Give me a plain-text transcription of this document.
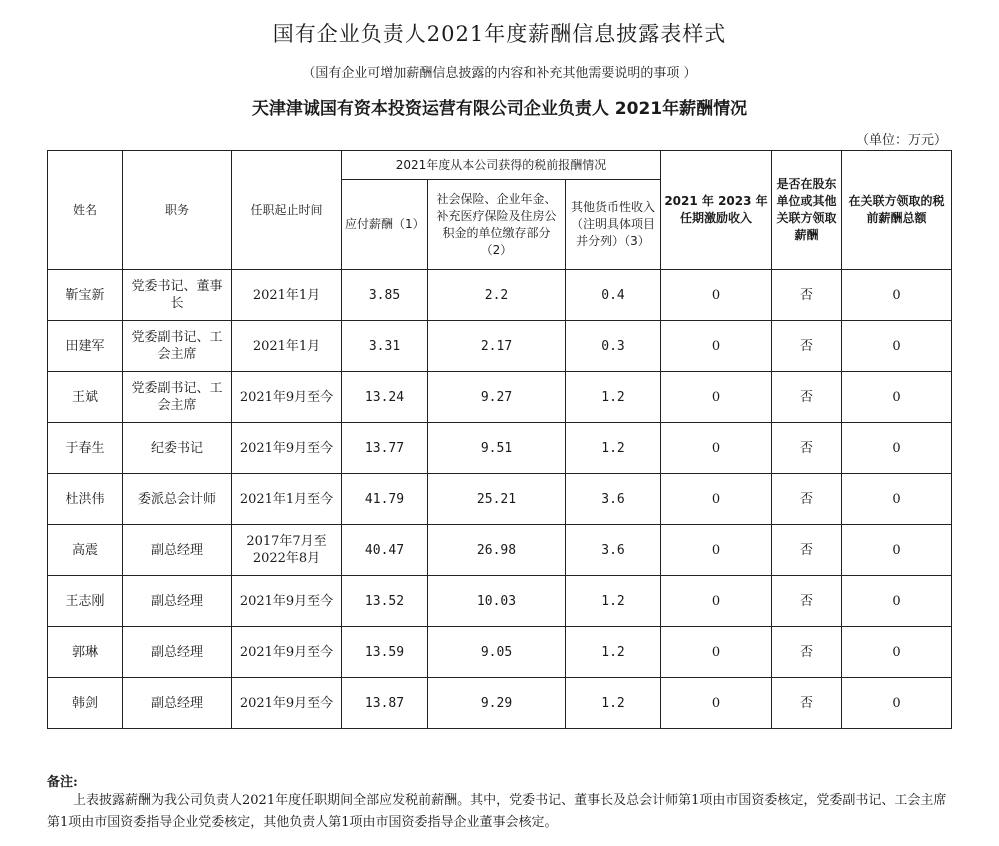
国有企业负责人2021年度薪酬信息披露表样式
（国有企业可增加薪酬信息披露的内容和补充其他需要说明的事项 ）
天津津诚国有资本投资运营有限公司企业负责人 2021年薪酬情况
（单位：万元）
姓名	职务	任职起止时间	2021年度从本公司获得的税前报酬情况			2021 年 2023 年任期激励收入	是否在股东单位或其他关联方领取薪酬	在关联方领取的税前薪酬总额
			应付薪酬（1）	社会保险、企业年金、补充医疗保险及住房公积金的单位缴存部分（2）	其他货币性收入（注明具体项目并分列）（3）			
靳宝新	党委书记、董事长	2021年1月	3.85	2.2	0.4	0	否	0
田建军	党委副书记、工会主席	2021年1月	3.31	2.17	0.3	0	否	0
王斌	党委副书记、工会主席	2021年9月至今	13.24	9.27	1.2	0	否	0
于春生	纪委书记	2021年9月至今	13.77	9.51	1.2	0	否	0
杜洪伟	委派总会计师	2021年1月至今	41.79	25.21	3.6	0	否	0
高震	副总经理	2017年7月至2022年8月	40.47	26.98	3.6	0	否	0
王志刚	副总经理	2021年9月至今	13.52	10.03	1.2	0	否	0
郭琳	副总经理	2021年9月至今	13.59	9.05	1.2	0	否	0
韩剑	副总经理	2021年9月至今	13.87	9.29	1.2	0	否	0
备注:
上表披露薪酬为我公司负责人2021年度任职期间全部应发税前薪酬。其中，党委书记、董事长及总会计师第1项由市国资委核定，党委副书记、工会主席第1项由市国资委指导企业党委核定，其他负责人第1项由市国资委指导企业董事会核定。
